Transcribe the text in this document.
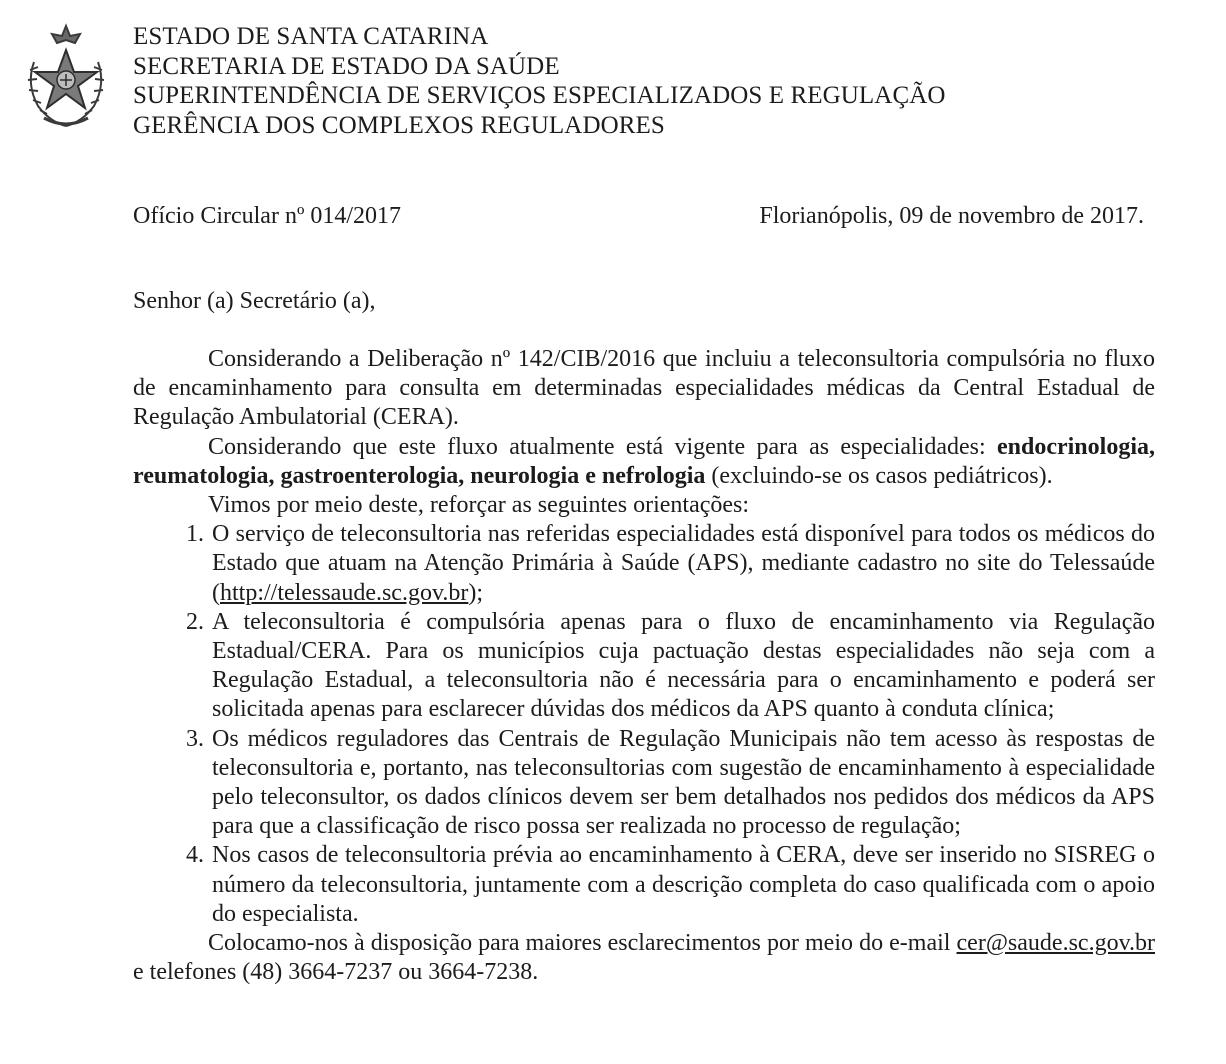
ESTADO DE SANTA CATARINA
SECRETARIA DE ESTADO DA SAÚDE
SUPERINTENDÊNCIA DE SERVIÇOS ESPECIALIZADOS E REGULAÇÃO
GERÊNCIA DOS COMPLEXOS REGULADORES
Ofício Circular nº 014/2017	Florianópolis, 09 de novembro de 2017.
Senhor (a) Secretário (a),

Considerando a Deliberação nº 142/CIB/2016 que incluiu a teleconsultoria compulsória no fluxo de encaminhamento para consulta em determinadas especialidades médicas da Central Estadual de Regulação Ambulatorial (CERA).

Considerando que este fluxo atualmente está vigente para as especialidades: endocrinologia, reumatologia, gastroenterologia, neurologia e nefrologia (excluindo-se os casos pediátricos).

Vimos por meio deste, reforçar as seguintes orientações:

1. O serviço de teleconsultoria nas referidas especialidades está disponível para todos os médicos do Estado que atuam na Atenção Primária à Saúde (APS), mediante cadastro no site do Telessaúde (http://telessaude.sc.gov.br);
2. A teleconsultoria é compulsória apenas para o fluxo de encaminhamento via Regulação Estadual/CERA. Para os municípios cuja pactuação destas especialidades não seja com a Regulação Estadual, a teleconsultoria não é necessária para o encaminhamento e poderá ser solicitada apenas para esclarecer dúvidas dos médicos da APS quanto à conduta clínica;
3. Os médicos reguladores das Centrais de Regulação Municipais não tem acesso às respostas de teleconsultoria e, portanto, nas teleconsultorias com sugestão de encaminhamento à especialidade pelo teleconsultor, os dados clínicos devem ser bem detalhados nos pedidos dos médicos da APS para que a classificação de risco possa ser realizada no processo de regulação;
4. Nos casos de teleconsultoria prévia ao encaminhamento à CERA, deve ser inserido no SISREG o número da teleconsultoria, juntamente com a descrição completa do caso qualificada com o apoio do especialista.

Colocamo-nos à disposição para maiores esclarecimentos por meio do e-mail cer@saude.sc.gov.br e telefones (48) 3664-7237 ou 3664-7238.
